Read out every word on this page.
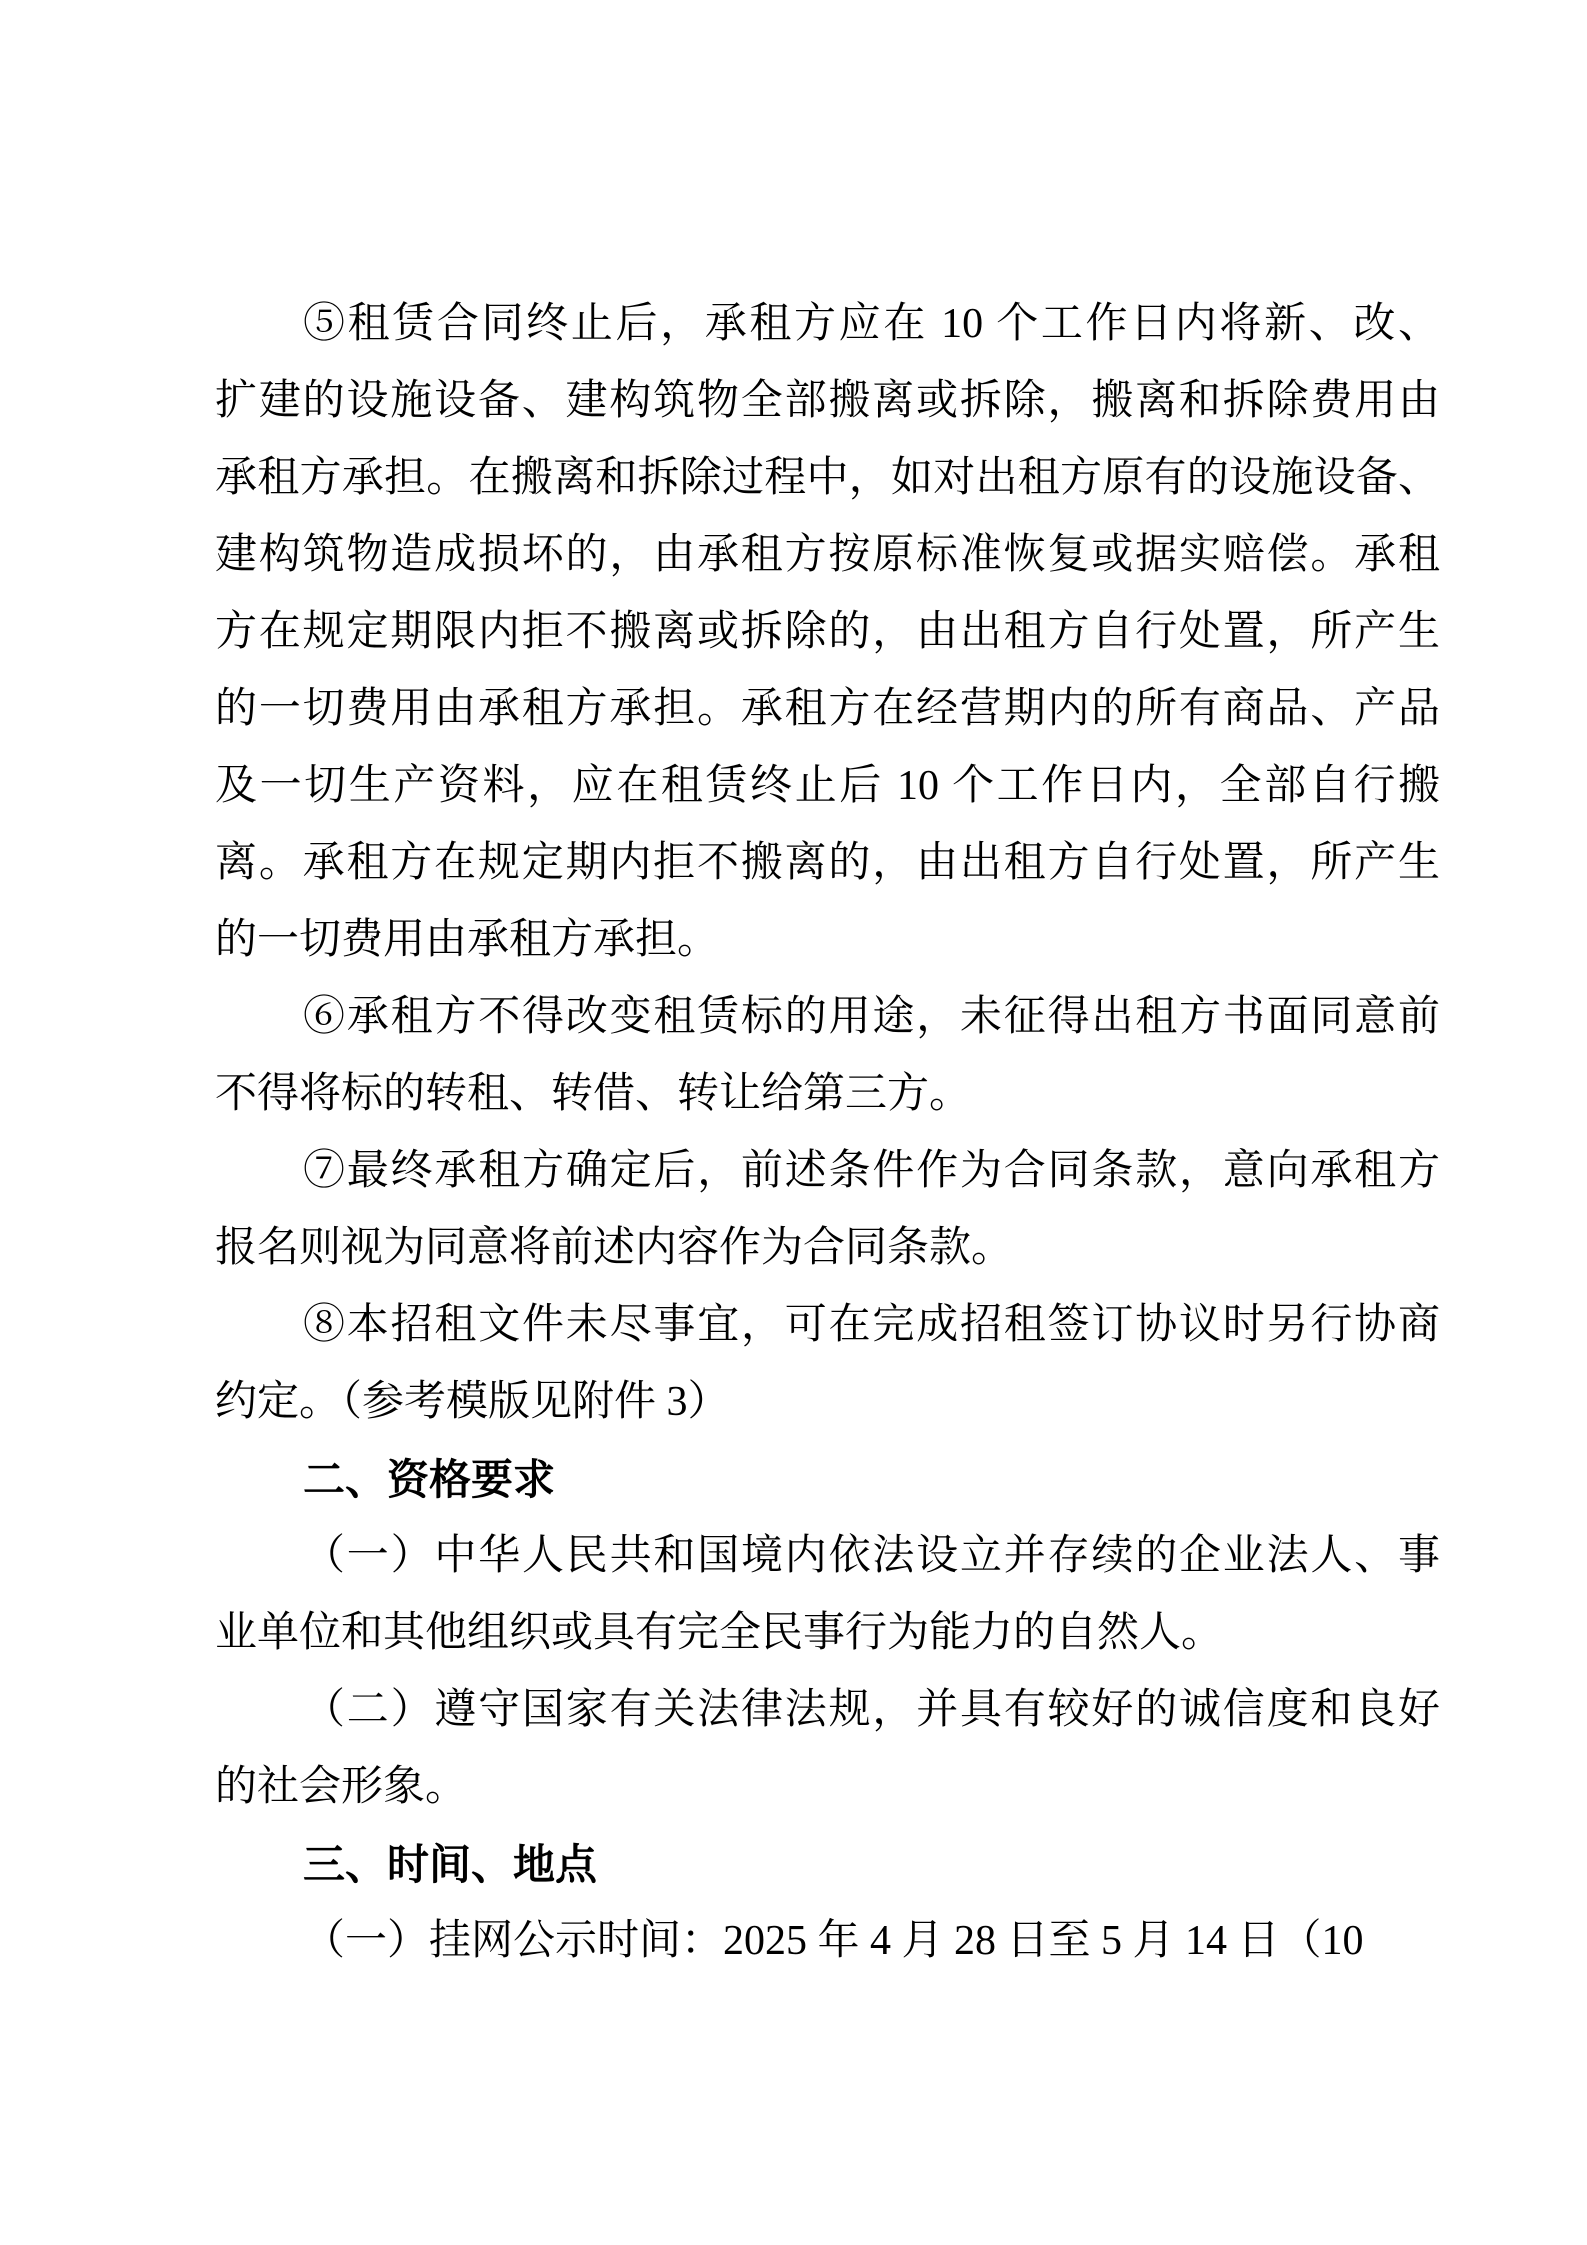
⑤租赁合同终止后，承租方应在 10 个工作日内将新、改、
扩建的设施设备、建构筑物全部搬离或拆除，搬离和拆除费用由
承租方承担。在搬离和拆除过程中，如对出租方原有的设施设备、
建构筑物造成损坏的，由承租方按原标准恢复或据实赔偿。承租
方在规定期限内拒不搬离或拆除的，由出租方自行处置，所产生
的一切费用由承租方承担。承租方在经营期内的所有商品、产品
及一切生产资料，应在租赁终止后 10 个工作日内，全部自行搬
离。承租方在规定期内拒不搬离的，由出租方自行处置，所产生
的一切费用由承租方承担。
⑥承租方不得改变租赁标的用途，未征得出租方书面同意前
不得将标的转租、转借、转让给第三方。
⑦最终承租方确定后，前述条件作为合同条款，意向承租方
报名则视为同意将前述内容作为合同条款。
⑧本招租文件未尽事宜，可在完成招租签订协议时另行协商
约定。（参考模版见附件 3）
二、资格要求
（一）中华人民共和国境内依法设立并存续的企业法人、事
业单位和其他组织或具有完全民事行为能力的自然人。
（二）遵守国家有关法律法规，并具有较好的诚信度和良好
的社会形象。
三、时间、地点
（一）挂网公示时间：2025 年 4 月 28 日至 5 月 14 日（10
